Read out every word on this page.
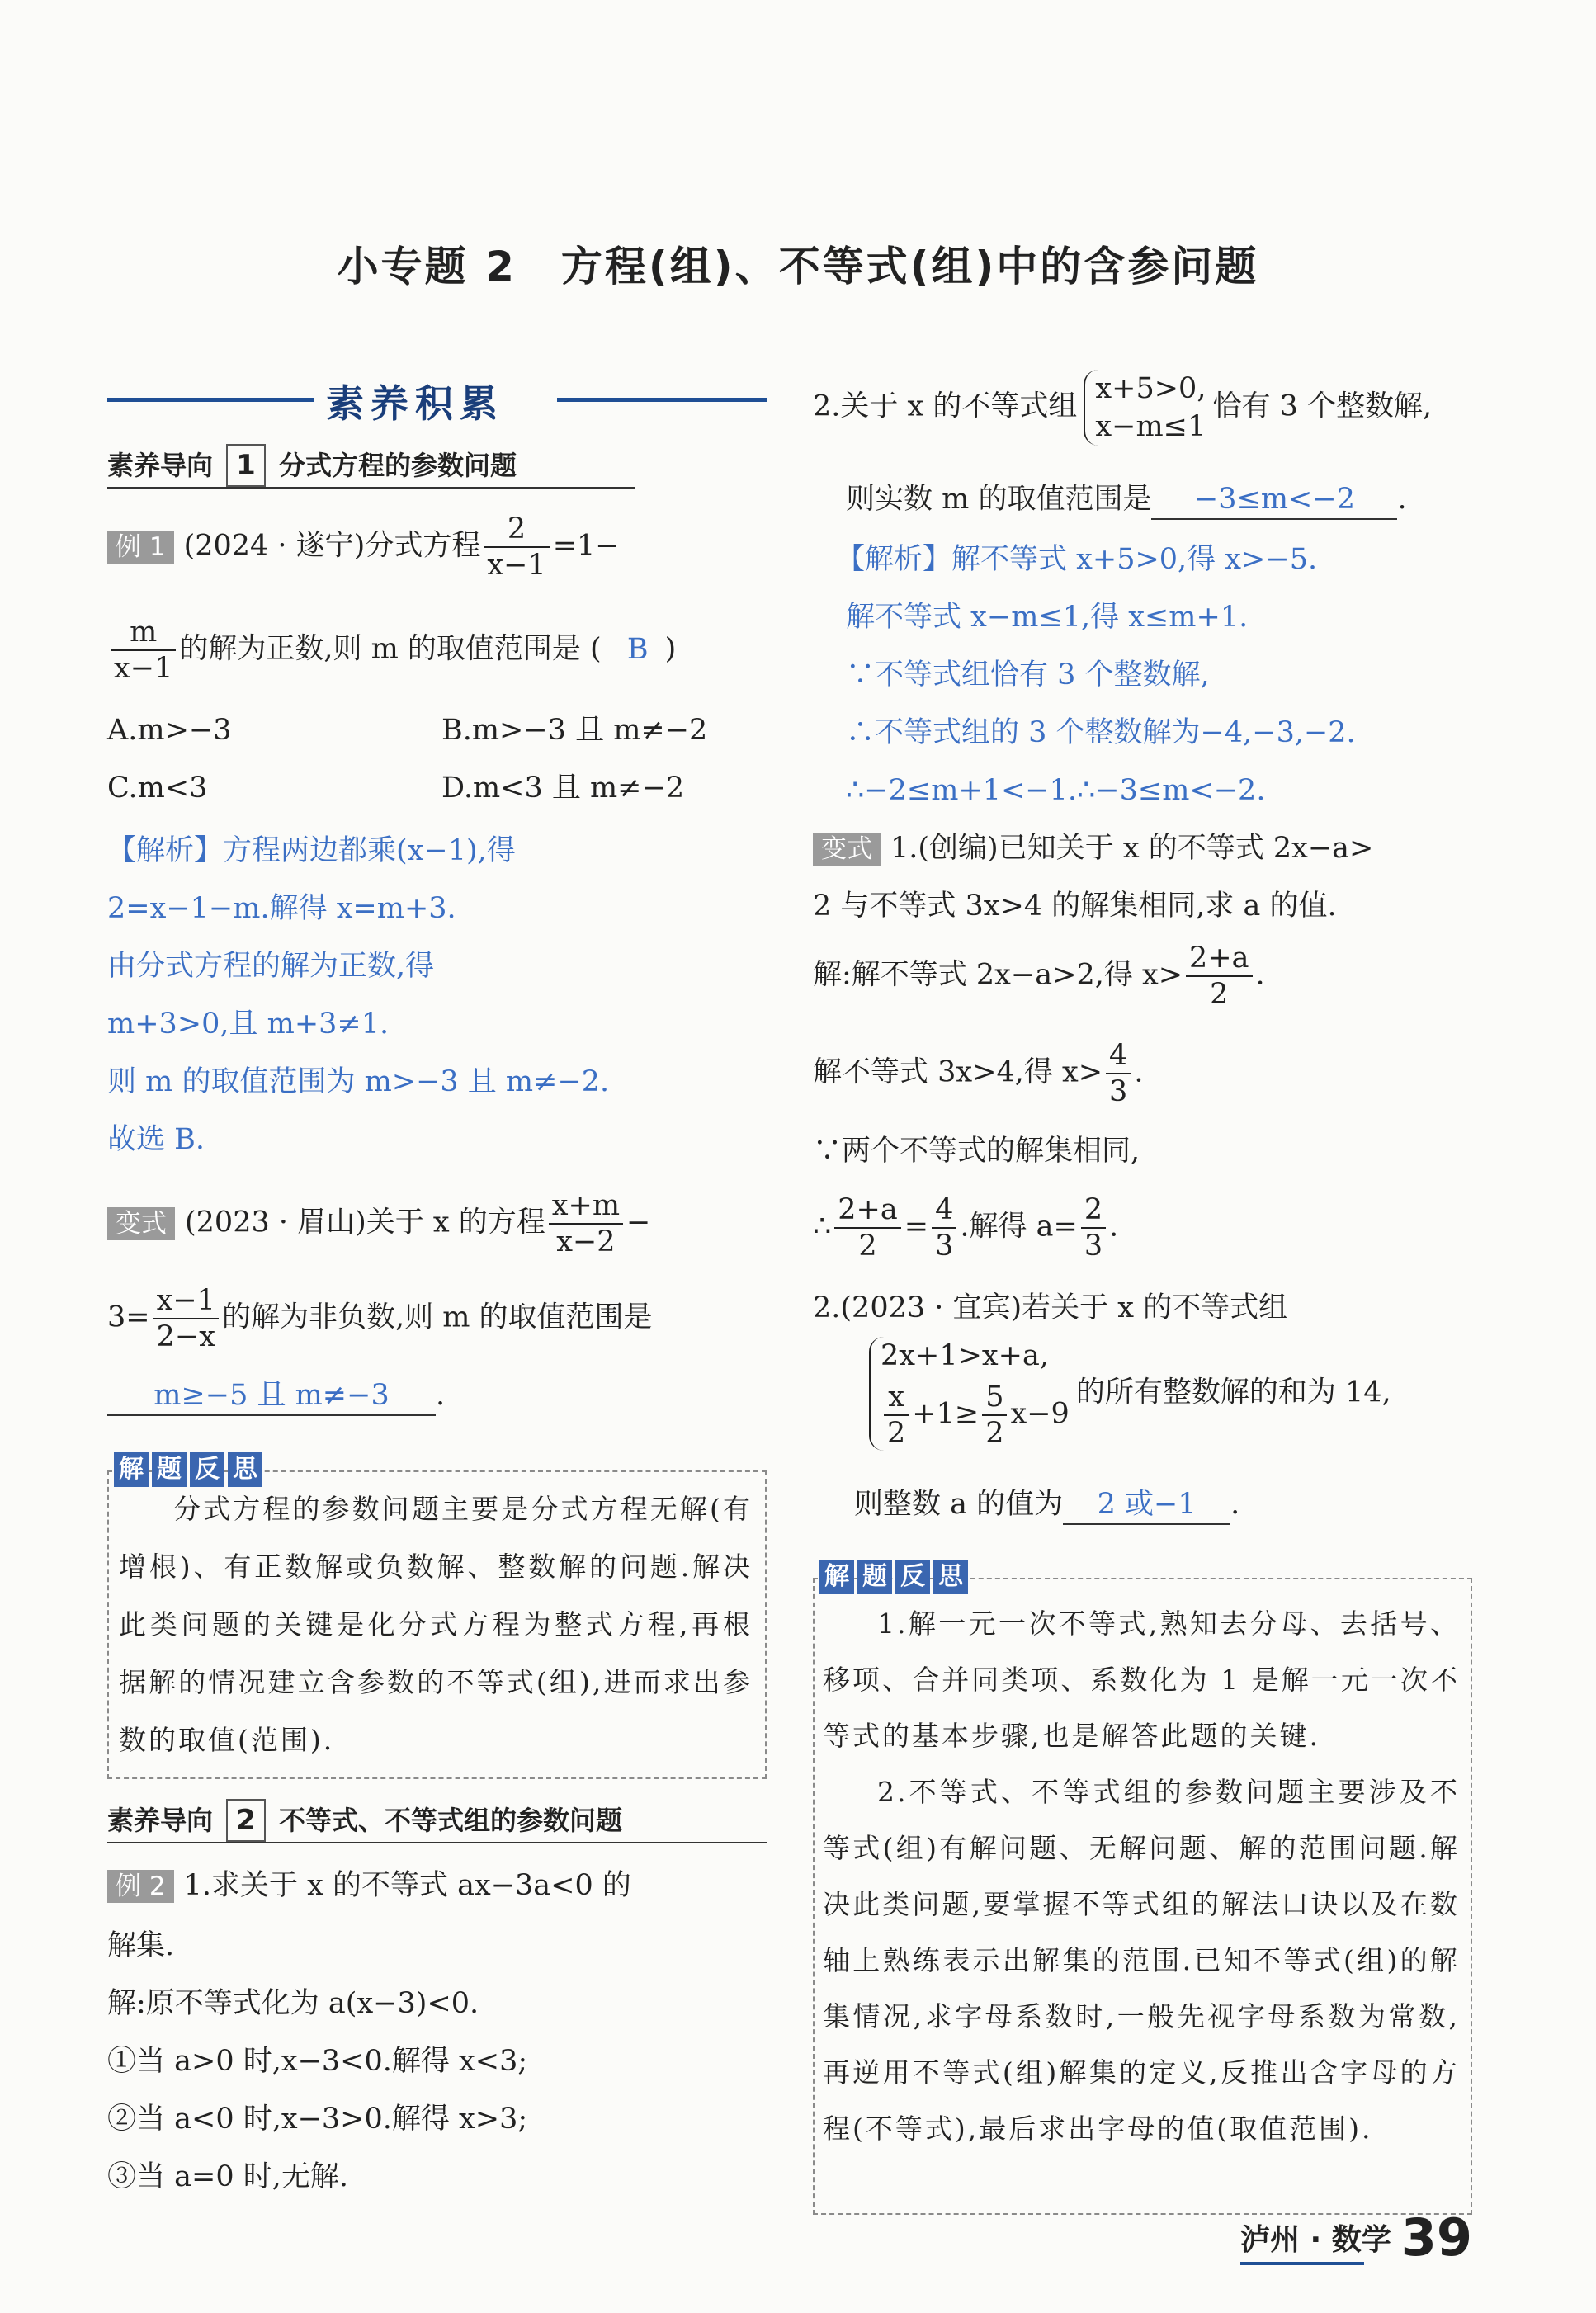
小专题 2 方程(组)、不等式(组)中的含参问题
素养积累
素养导向 1 分式方程的参数问题
例 1 (2024 · 遂宁)分式方程 $\frac{2}{x-1} =1-$
$\frac{m}{x-1}$ 的解为正数,则 m 的取值范围是 ( B )
A.m>−3	B.m>−3 且 m≠−2
C.m<3	D.m<3 且 m≠−2
【解析】方程两边都乘(x−1),得
2=x−1−m.解得 x=m+3.
由分式方程的解为正数,得
m+3>0,且 m+3≠1.
则 m 的取值范围为 m>−3 且 m≠−2.
故选 B.
变式 (2023 · 眉山)关于 x 的方程 $\frac{x+m}{x-2}$ −
$3= \frac{x-1}{2-x}$ 的解为非负数,则 m 的取值范围是
m≥−5 且 m≠−3 .
分式方程的参数问题主要是分式方程无解(有增根)、有正数解或负数解、整数解的问题.解决此类问题的关键是化分式方程为整式方程,再根据解的情况建立含参数的不等式(组),进而求出参数的取值(范围).
解 题 反 思
素养导向 2 不等式、不等式组的参数问题
例 2 1.求关于 x 的不等式 ax−3a<0 的
解集.
解:原不等式化为 a(x−3)<0.
①当 a>0 时,x−3<0.解得 x<3;
②当 a<0 时,x−3>0.解得 x>3;
③当 a=0 时,无解.
2.关于 x 的不等式组
x+5>0,
x−m≤1
恰有 3 个整数解,
则实数 m 的取值范围是 −3≤m<−2 .
【解析】解不等式 x+5>0,得 x>−5.
解不等式 x−m≤1,得 x≤m+1.
∵不等式组恰有 3 个整数解,
∴不等式组的 3 个整数解为−4,−3,−2.
∴−2≤m+1<−1.∴−3≤m<−2.
变式 1.(创编)已知关于 x 的不等式 2x−a>
2 与不等式 3x>4 的解集相同,求 a 的值.
解:解不等式 2x−a>2,得 $x> \frac{2+a}{2}$ .
解不等式 3x>4,得 $x> \frac{4}{3}$ .
∵两个不等式的解集相同,
∴ $\frac{2+a}{2} = \frac{4}{3}$ .解得 $a= \frac{2}{3}$ .
2.(2023 · 宜宾)若关于 x 的不等式组
2x+1>x+a,
$\frac{x}{2} +1\ge \frac{5}{2} x-9$
的所有整数解的和为 14,
则整数 a 的值为 2 或−1 .
1.解一元一次不等式,熟知去分母、去括号、移项、合并同类项、系数化为 1 是解一元一次不等式的基本步骤,也是解答此题的关键.
2.不等式、不等式组的参数问题主要涉及不等式(组)有解问题、无解问题、解的范围问题.解决此类问题,要掌握不等式组的解法口诀以及在数轴上熟练表示出解集的范围.已知不等式(组)的解集情况,求字母系数时,一般先视字母系数为常数,再逆用不等式(组)解集的定义,反推出含字母的方程(不等式),最后求出字母的值(取值范围).
解 题 反 思
泸州 · 数学 39
